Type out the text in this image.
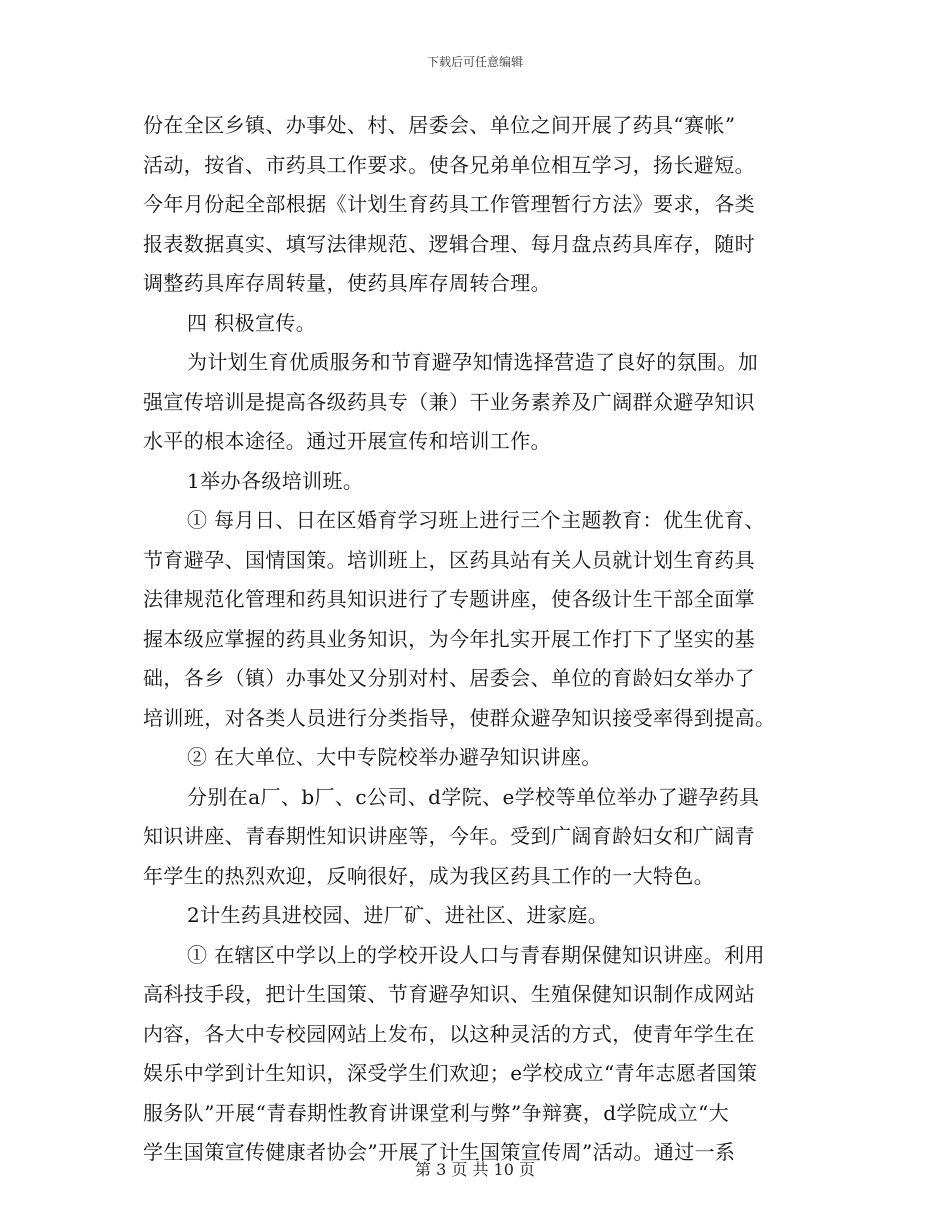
下载后可任意编辑
份在全区乡镇、办事处、村、居委会、单位之间开展了药具“赛帐”
活动，按省、市药具工作要求。使各兄弟单位相互学习，扬长避短。
今年月份起全部根据《计划生育药具工作管理暂行方法》要求，各类
报表数据真实、填写法律规范、逻辑合理、每月盘点药具库存，随时
调整药具库存周转量，使药具库存周转合理。
四 积极宣传。
为计划生育优质服务和节育避孕知情选择营造了良好的氛围。加
强宣传培训是提高各级药具专（兼）干业务素养及广阔群众避孕知识
水平的根本途径。通过开展宣传和培训工作。
1举办各级培训班。
① 每月日、日在区婚育学习班上进行三个主题教育：优生优育、
节育避孕、国情国策。培训班上，区药具站有关人员就计划生育药具
法律规范化管理和药具知识进行了专题讲座，使各级计生干部全面掌
握本级应掌握的药具业务知识，为今年扎实开展工作打下了坚实的基
础，各乡（镇）办事处又分别对村、居委会、单位的育龄妇女举办了
培训班，对各类人员进行分类指导，使群众避孕知识接受率得到提高。
② 在大单位、大中专院校举办避孕知识讲座。
分别在a厂、b厂、c公司、d学院、e学校等单位举办了避孕药具
知识讲座、青春期性知识讲座等，今年。受到广阔育龄妇女和广阔青
年学生的热烈欢迎，反响很好，成为我区药具工作的一大特色。
2计生药具进校园、进厂矿、进社区、进家庭。
① 在辖区中学以上的学校开设人口与青春期保健知识讲座。利用
高科技手段，把计生国策、节育避孕知识、生殖保健知识制作成网站
内容，各大中专校园网站上发布，以这种灵活的方式，使青年学生在
娱乐中学到计生知识，深受学生们欢迎；e学校成立“青年志愿者国策
服务队”开展“青春期性教育讲课堂利与弊”争辩赛，d学院成立“大
学生国策宣传健康者协会”开展了计生国策宣传周”活动。通过一系
第 3 页 共 10 页
